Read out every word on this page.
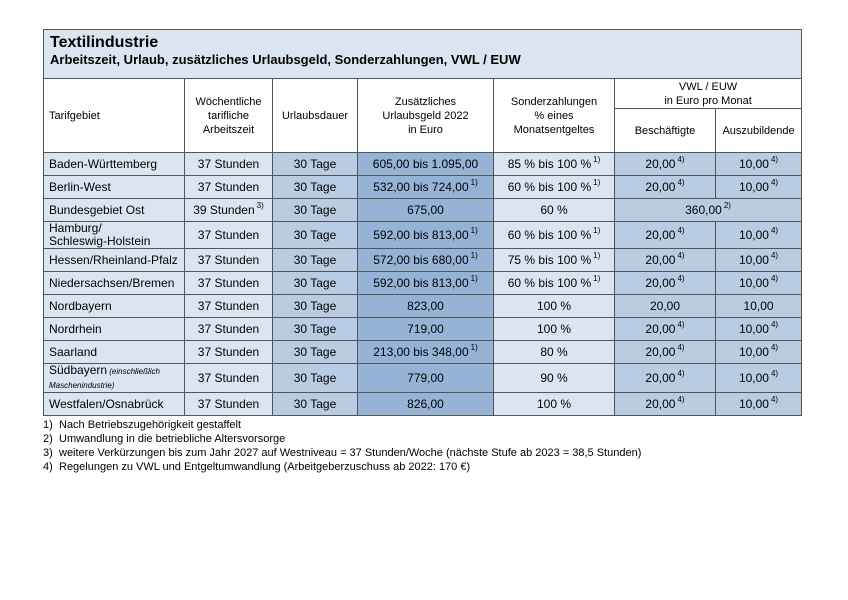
Textilindustrie
Arbeitszeit, Urlaub, zusätzliches Urlaubsgeld, Sonderzahlungen, VWL / EUW						

Tarifgebiet	Wöchentliche
tarifliche
Arbeitszeit	Urlaubsdauer	Zusätzliches
Urlaubsgeld 2022
in Euro	Sonderzahlungen
% eines
Monatsentgeltes	VWL / EUW
in Euro pro Monat	
					Beschäftigte	Auszubildende
Baden-Württemberg	37 Stunden	30 Tage	605,00 bis 1.095,00	85 % bis 100 % $^{1)}$	20,00 $^{4)}$	10,00 $^{4)}$
Berlin-West	37 Stunden	30 Tage	532,00 bis 724,00 $^{1)}$	60 % bis 100 % $^{1)}$	20,00 $^{4)}$	10,00 $^{4)}$
Bundesgebiet Ost	39 Stunden $^{3)}$	30 Tage	675,00	60 %	360,00 $^{2)}$
Hamburg/
Schleswig-Holstein	37 Stunden	30 Tage	592,00 bis 813,00 $^{1)}$	60 % bis 100 % $^{1)}$	20,00 $^{4)}$	10,00 $^{4)}$
Hessen/Rheinland-Pfalz	37 Stunden	30 Tage	572,00 bis 680,00 $^{1)}$	75 % bis 100 % $^{1)}$	20,00 $^{4)}$	10,00 $^{4)}$
Niedersachsen/Bremen	37 Stunden	30 Tage	592,00 bis 813,00 $^{1)}$	60 % bis 100 % $^{1)}$	20,00 $^{4)}$	10,00 $^{4)}$
Nordbayern	37 Stunden	30 Tage	823,00	100 %	20,00	10,00
Nordrhein	37 Stunden	30 Tage	719,00	100 %	20,00 $^{4)}$	10,00 $^{4)}$
Saarland	37 Stunden	30 Tage	213,00 bis 348,00 $^{1)}$	80 %	20,00 $^{4)}$	10,00 $^{4)}$
Südbayern (einschließlich
Maschenindustrie)	37 Stunden	30 Tage	779,00	90 %	20,00 $^{4)}$	10,00 $^{4)}$
Westfalen/Osnabrück	37 Stunden	30 Tage	826,00	100 %	20,00 $^{4)}$	10,00 $^{4)}$
1) Nach Betriebszugehörigkeit gestaffelt
2) Umwandlung in die betriebliche Altersvorsorge
3) weitere Verkürzungen bis zum Jahr 2027 auf Westniveau = 37 Stunden/Woche (nächste Stufe ab 2023 = 38,5 Stunden)
4) Regelungen zu VWL und Entgeltumwandlung (Arbeitgeberzuschuss ab 2022: 170 €)
